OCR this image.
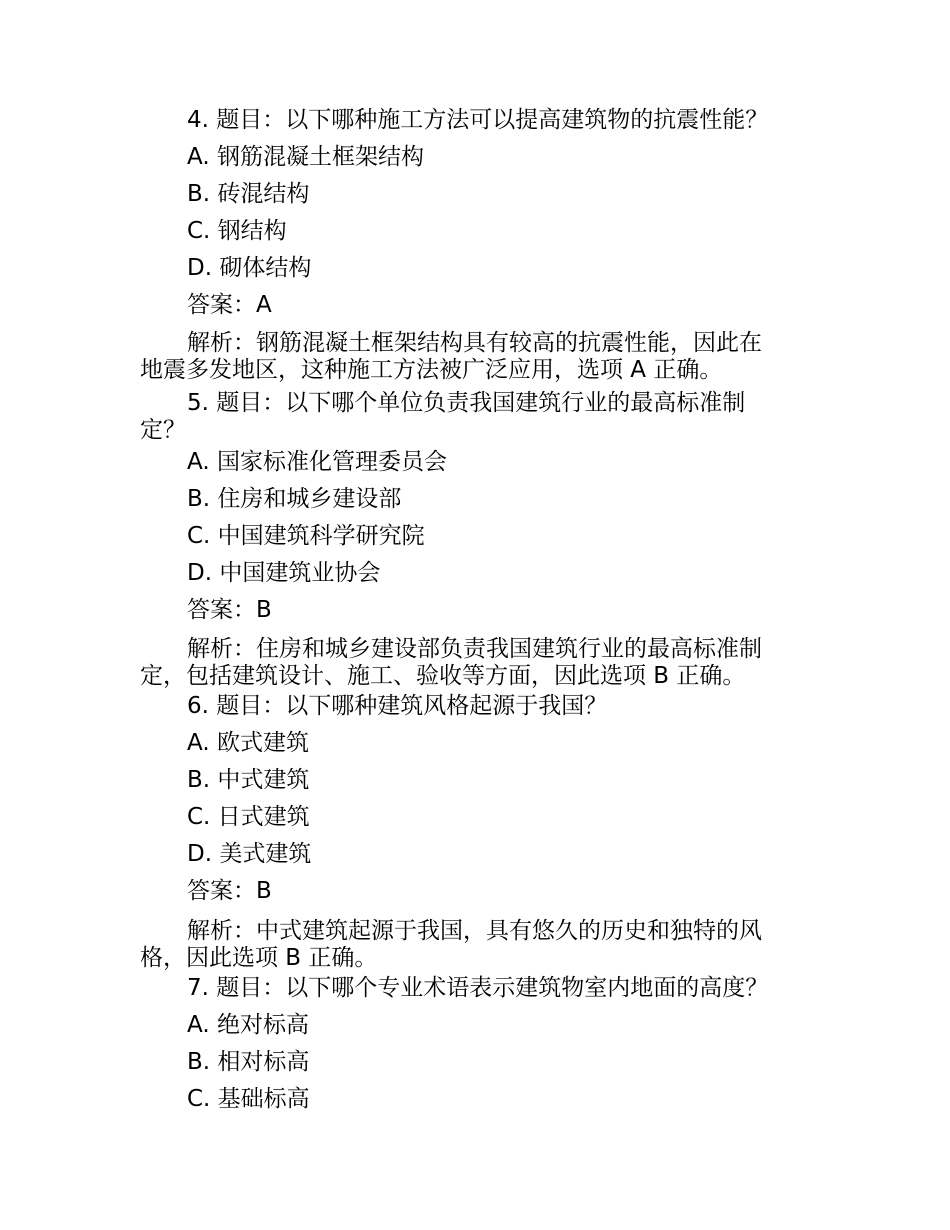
4. 题目：以下哪种施工方法可以提高建筑物的抗震性能？
A. 钢筋混凝土框架结构
B. 砖混结构
C. 钢结构
D. 砌体结构
答案：A
解析：钢筋混凝土框架结构具有较高的抗震性能，因此在
地震多发地区，这种施工方法被广泛应用，选项 A 正确。
5. 题目：以下哪个单位负责我国建筑行业的最高标准制
定？
A. 国家标准化管理委员会
B. 住房和城乡建设部
C. 中国建筑科学研究院
D. 中国建筑业协会
答案：B
解析：住房和城乡建设部负责我国建筑行业的最高标准制
定，包括建筑设计、施工、验收等方面，因此选项 B 正确。
6. 题目：以下哪种建筑风格起源于我国？
A. 欧式建筑
B. 中式建筑
C. 日式建筑
D. 美式建筑
答案：B
解析：中式建筑起源于我国，具有悠久的历史和独特的风
格，因此选项 B 正确。
7. 题目：以下哪个专业术语表示建筑物室内地面的高度？
A. 绝对标高
B. 相对标高
C. 基础标高
